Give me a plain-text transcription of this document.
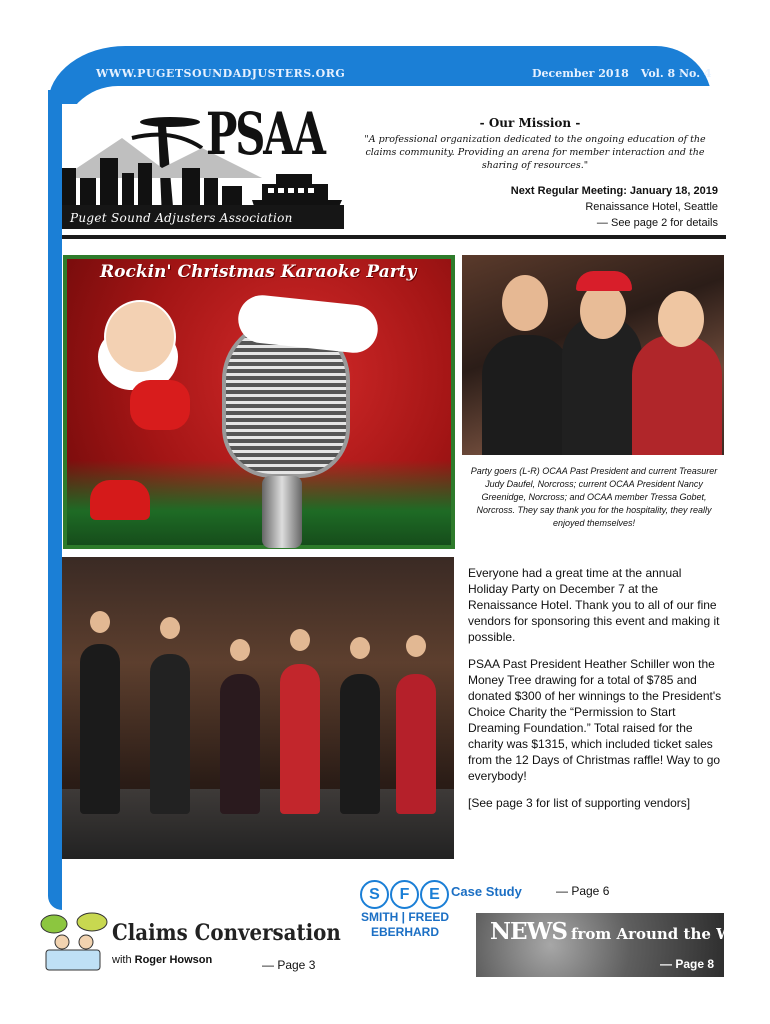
WWW.PUGETSOUNDADJUSTERS.ORG	December 2018 Vol. 8 No. 4
PSAA
Puget Sound Adjusters Association
- Our Mission -
"A professional organization dedicated to the ongoing education of the claims community. Providing an arena for member interaction and the sharing of resources."
Next Regular Meeting: January 18, 2019
Renaissance Hotel, Seattle
— See page 2 for details
Rockin' Christmas Karaoke Party
Party goers (L-R) OCAA Past President and current Treasurer Judy Daufel, Norcross; current OCAA President Nancy Greenidge, Norcross; and OCAA member Tressa Gobet, Norcross. They say thank you for the hospitality, they really enjoyed themselves!

Everyone had a great time at the annual Holiday Party on December 7 at the Renaissance Hotel. Thank you to all of our fine vendors for sponsoring this event and making it possible.

PSAA Past President Heather Schiller won the Money Tree drawing for a total of $785 and donated $300 of her winnings to the President's Choice Charity the “Permission to Start Dreaming Foundation.” Total raised for the charity was $1315, which included ticket sales from the 12 Days of Christmas raffle! Way to go everybody!

[See page 3 for list of supporting vendors]

S F E Case Study	— Page 6
SMITH | FREED
EBERHARD
Claims Conversation
with Roger Howson	— Page 3
NEWS from Around the Web
— Page 8
